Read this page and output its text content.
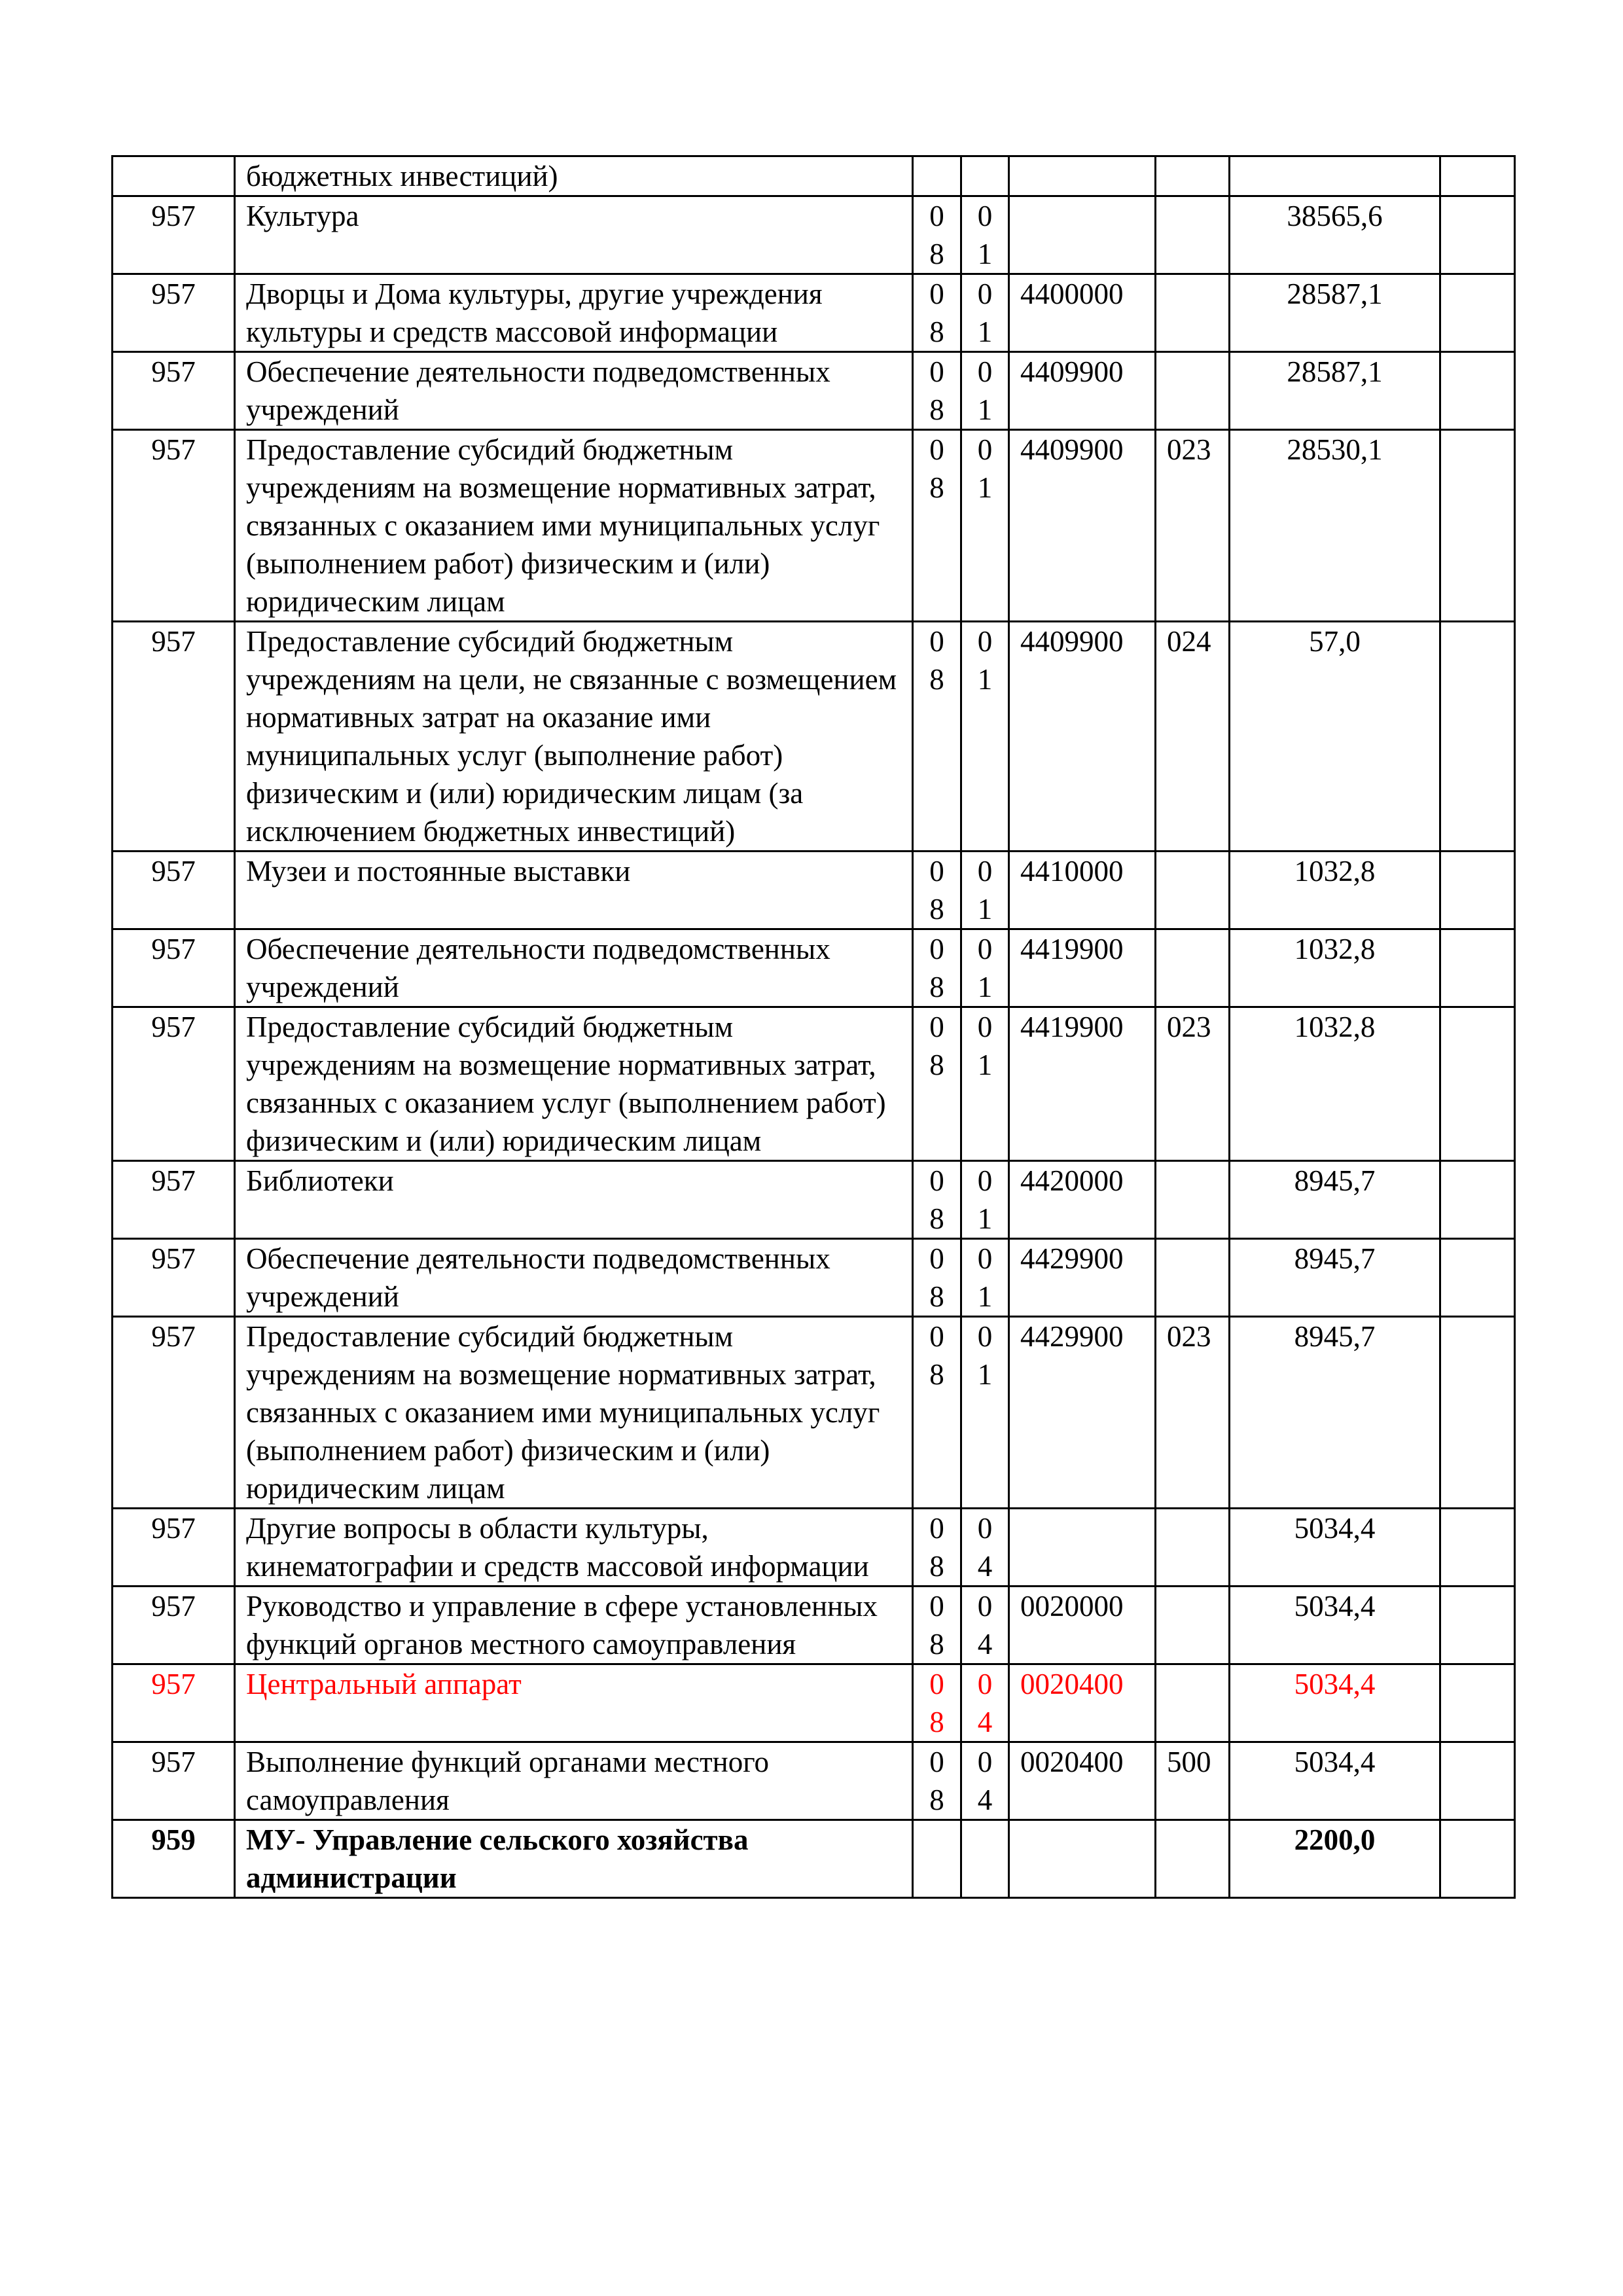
	бюджетных инвестиций)						
957	Культура	08	01			38565,6	
957	Дворцы и Дома культуры, другие учреждения культуры и средств массовой информации	08	01	4400000		28587,1	
957	Обеспечение деятельности подведомственных учреждений	08	01	4409900		28587,1	
957	Предоставление субсидий бюджетным учреждениям на возмещение нормативных затрат, связанных с оказанием ими муниципальных услуг (выполнением работ) физическим и (или) юридическим лицам	08	01	4409900	023	28530,1	
957	Предоставление субсидий бюджетным учреждениям на цели, не связанные с возмещением нормативных затрат на оказание ими муниципальных услуг (выполнение работ) физическим и (или) юридическим лицам (за исключением бюджетных инвестиций)	08	01	4409900	024	57,0	
957	Музеи и постоянные выставки	08	01	4410000		1032,8	
957	Обеспечение деятельности подведомственных учреждений	08	01	4419900		1032,8	
957	Предоставление субсидий бюджетным учреждениям на возмещение нормативных затрат, связанных с оказанием услуг (выполнением работ) физическим и (или) юридическим лицам	08	01	4419900	023	1032,8	
957	Библиотеки	08	01	4420000		8945,7	
957	Обеспечение деятельности подведомственных учреждений	08	01	4429900		8945,7	
957	Предоставление субсидий бюджетным учреждениям на возмещение нормативных затрат, связанных с оказанием ими муниципальных услуг (выполнением работ) физическим и (или) юридическим лицам	08	01	4429900	023	8945,7	
957	Другие вопросы в области культуры, кинематографии и средств массовой информации	08	04			5034,4	
957	Руководство и управление в сфере установленных функций органов местного самоуправления	08	04	0020000		5034,4	
957	Центральный аппарат	08	04	0020400		5034,4	
957	Выполнение функций органами местного самоуправления	08	04	0020400	500	5034,4	
959	МУ- Управление сельского хозяйства администрации					2200,0	
